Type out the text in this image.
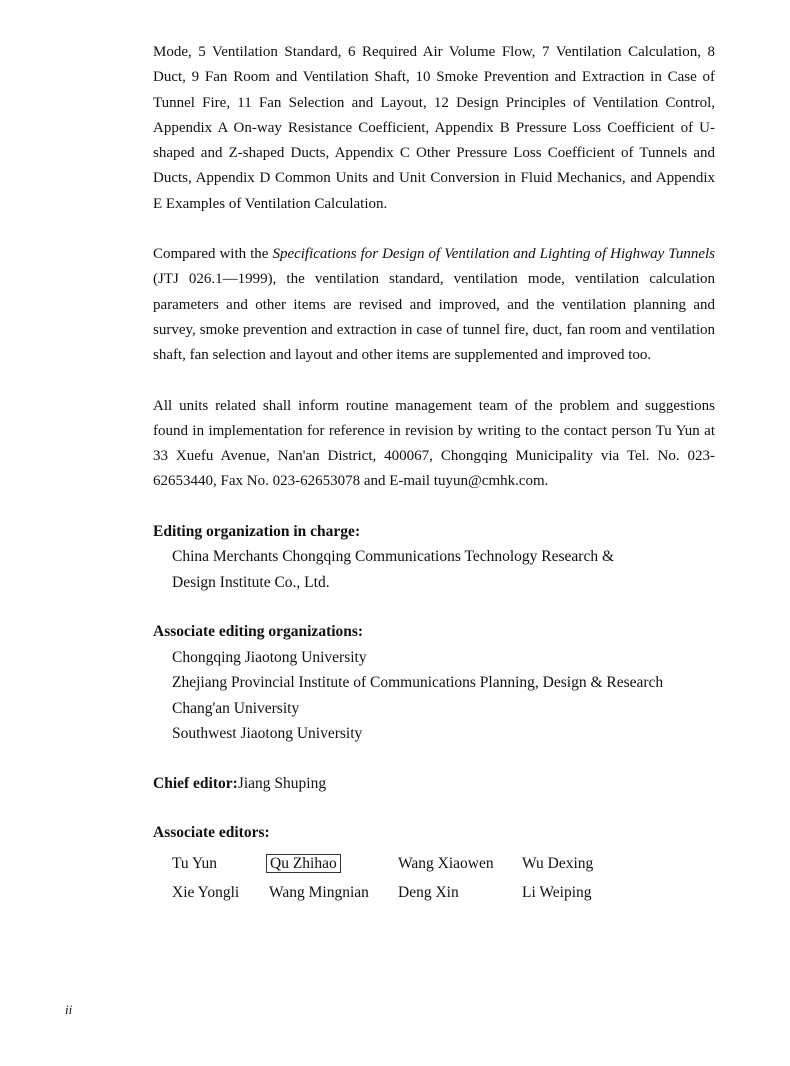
Mode, 5 Ventilation Standard, 6 Required Air Volume Flow, 7 Ventilation Calculation, 8 Duct, 9 Fan Room and Ventilation Shaft, 10 Smoke Prevention and Extraction in Case of Tunnel Fire, 11 Fan Selection and Layout, 12 Design Principles of Ventilation Control, Appendix A On-way Resistance Coefficient, Appendix B Pressure Loss Coefficient of U-shaped and Z-shaped Ducts, Appendix C Other Pressure Loss Coefficient of Tunnels and Ducts, Appendix D Common Units and Unit Conversion in Fluid Mechanics, and Appendix E Examples of Ventilation Calculation.

Compared with the Specifications for Design of Ventilation and Lighting of Highway Tunnels (JTJ 026.1—1999), the ventilation standard, ventilation mode, ventilation calculation parameters and other items are revised and improved, and the ventilation planning and survey, smoke prevention and extraction in case of tunnel fire, duct, fan room and ventilation shaft, fan selection and layout and other items are supplemented and improved too.

All units related shall inform routine management team of the problem and suggestions found in implementation for reference in revision by writing to the contact person Tu Yun at 33 Xuefu Avenue, Nan'an District, 400067, Chongqing Municipality via Tel. No. 023-62653440, Fax No. 023-62653078 and E-mail tuyun@cmhk.com.

Editing organization in charge:
China Merchants Chongqing Communications Technology Research &
Design Institute Co., Ltd.
Associate editing organizations:
Chongqing Jiaotong University
Zhejiang Provincial Institute of Communications Planning, Design & Research
Chang'an University
Southwest Jiaotong University
Chief editor:Jiang Shuping
Associate editors:
Tu Yun	Qu Zhihao	Wang Xiaowen	Wu Dexing
Xie Yongli	Wang Mingnian	Deng Xin	Li Weiping
ii
